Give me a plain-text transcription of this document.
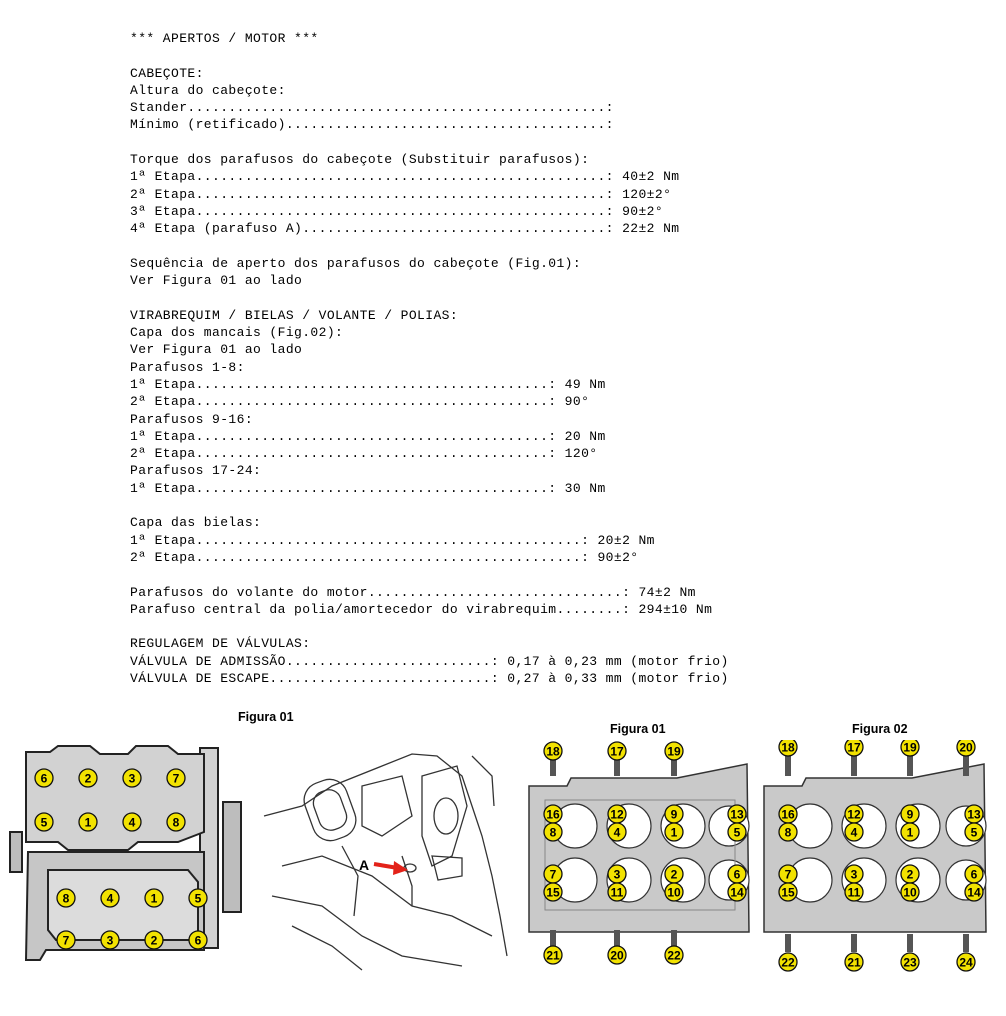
*** APERTOS / MOTOR ***
CABEÇOTE:
Altura do cabeçote:
Stander...................................................:
Mínimo (retificado).......................................:
Torque dos parafusos do cabeçote (Substituir parafusos):
1ª Etapa..................................................: 40±2 Nm
2ª Etapa..................................................: 120±2°
3ª Etapa..................................................: 90±2°
4ª Etapa (parafuso A).....................................: 22±2 Nm
Sequência de aperto dos parafusos do cabeçote (Fig.01):
Ver Figura 01 ao lado
VIRABREQUIM / BIELAS / VOLANTE / POLIAS:
Capa dos mancais (Fig.02):
Ver Figura 01 ao lado
Parafusos 1-8:
1ª Etapa...........................................: 49 Nm
2ª Etapa...........................................: 90°
Parafusos 9-16:
1ª Etapa...........................................: 20 Nm
2ª Etapa...........................................: 120°
Parafusos 17-24:
1ª Etapa...........................................: 30 Nm
Capa das bielas:
1ª Etapa...............................................: 20±2 Nm
2ª Etapa...............................................: 90±2°
Parafusos do volante do motor...............................: 74±2 Nm
Parafuso central da polia/amortecedor do virabrequim........: 294±10 Nm
REGULAGEM DE VÁLVULAS:
VÁLVULA DE ADMISSÃO.........................: 0,17 à 0,23 mm (motor frio)
VÁLVULA DE ESCAPE...........................: 0,27 à 0,33 mm (motor frio)
6	2	3	7
5	1	4	8
8	4	1	5
7	3	2	6
Figura 01
A
Figura 01
18	17	19
16	12	9	13
8	4	1	5
7	3	2	6
15	11	10	14
21	20	22
Figura 02
18	17	19	20
16	12	9	13
8	4	1	5
7	3	2	6
15	11	10	14
22	21	23	24
